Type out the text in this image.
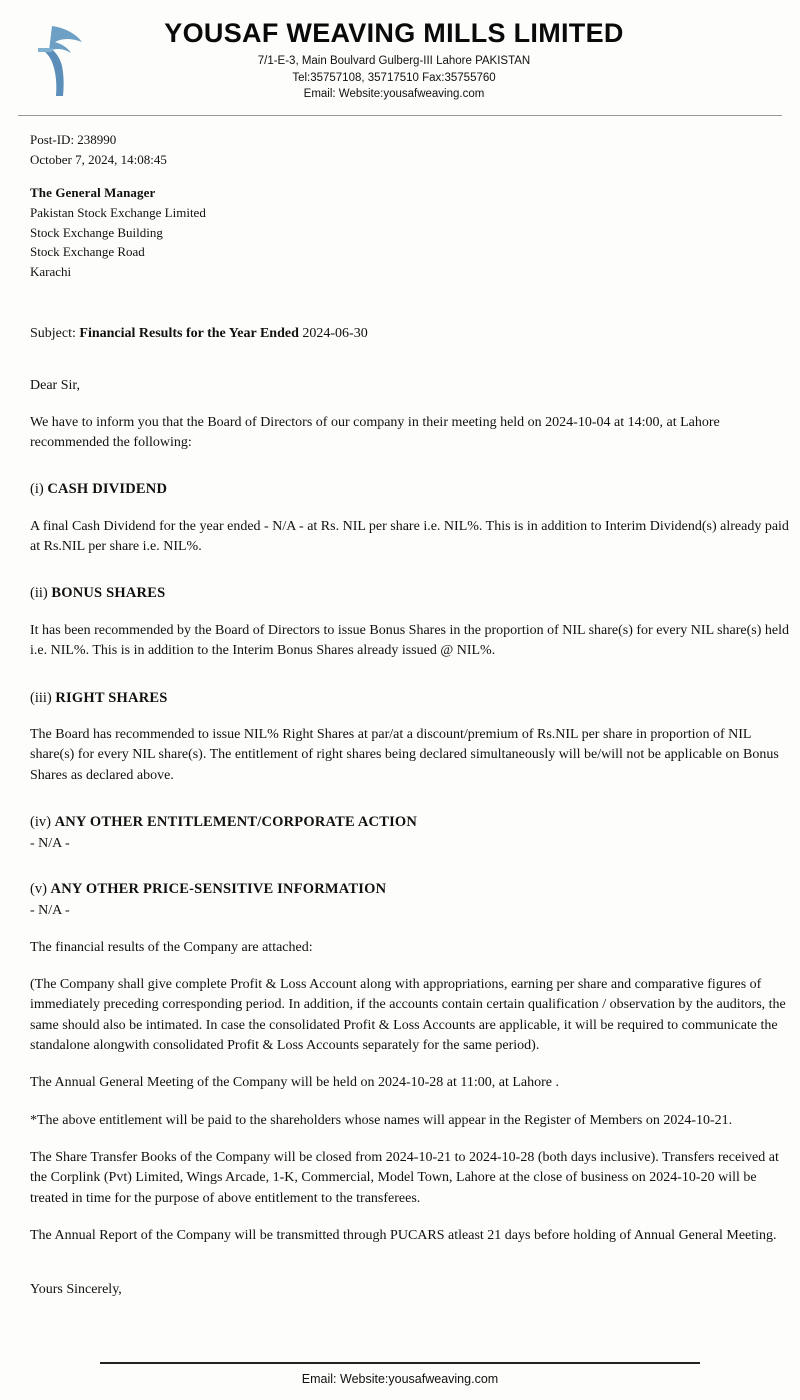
YOUSAF WEAVING MILLS LIMITED
7/1-E-3, Main Boulvard Gulberg-III Lahore PAKISTAN
Tel:35757108, 35717510 Fax:35755760
Email: Website:yousafweaving.com
Post-ID: 238990
October 7, 2024, 14:08:45
The General Manager
Pakistan Stock Exchange Limited
Stock Exchange Building
Stock Exchange Road
Karachi
Subject: Financial Results for the Year Ended 2024-06-30
Dear Sir,

We have to inform you that the Board of Directors of our company in their meeting held on 2024-10-04 at 14:00, at Lahore recommended the following:

(i) CASH DIVIDEND

A final Cash Dividend for the year ended - N/A - at Rs. NIL per share i.e. NIL%. This is in addition to Interim Dividend(s) already paid at Rs.NIL per share i.e. NIL%.

(ii) BONUS SHARES

It has been recommended by the Board of Directors to issue Bonus Shares in the proportion of NIL share(s) for every NIL share(s) held i.e. NIL%. This is in addition to the Interim Bonus Shares already issued @ NIL%.

(iii) RIGHT SHARES

The Board has recommended to issue NIL% Right Shares at par/at a discount/premium of Rs.NIL per share in proportion of NIL share(s) for every NIL share(s). The entitlement of right shares being declared simultaneously will be/will not be applicable on Bonus Shares as declared above.

(iv) ANY OTHER ENTITLEMENT/CORPORATE ACTION
- N/A -
(v) ANY OTHER PRICE-SENSITIVE INFORMATION
- N/A -

The financial results of the Company are attached:

(The Company shall give complete Profit & Loss Account along with appropriations, earning per share and comparative figures of immediately preceding corresponding period. In addition, if the accounts contain certain qualification / observation by the auditors, the same should also be intimated. In case the consolidated Profit & Loss Accounts are applicable, it will be required to communicate the standalone alongwith consolidated Profit & Loss Accounts separately for the same period).

The Annual General Meeting of the Company will be held on 2024-10-28 at 11:00, at Lahore .

*The above entitlement will be paid to the shareholders whose names will appear in the Register of Members on 2024-10-21.

The Share Transfer Books of the Company will be closed from 2024-10-21 to 2024-10-28 (both days inclusive). Transfers received at the Corplink (Pvt) Limited, Wings Arcade, 1-K, Commercial, Model Town, Lahore at the close of business on 2024-10-20 will be treated in time for the purpose of above entitlement to the transferees.

The Annual Report of the Company will be transmitted through PUCARS atleast 21 days before holding of Annual General Meeting.

Yours Sincerely,
Email: Website:yousafweaving.com
